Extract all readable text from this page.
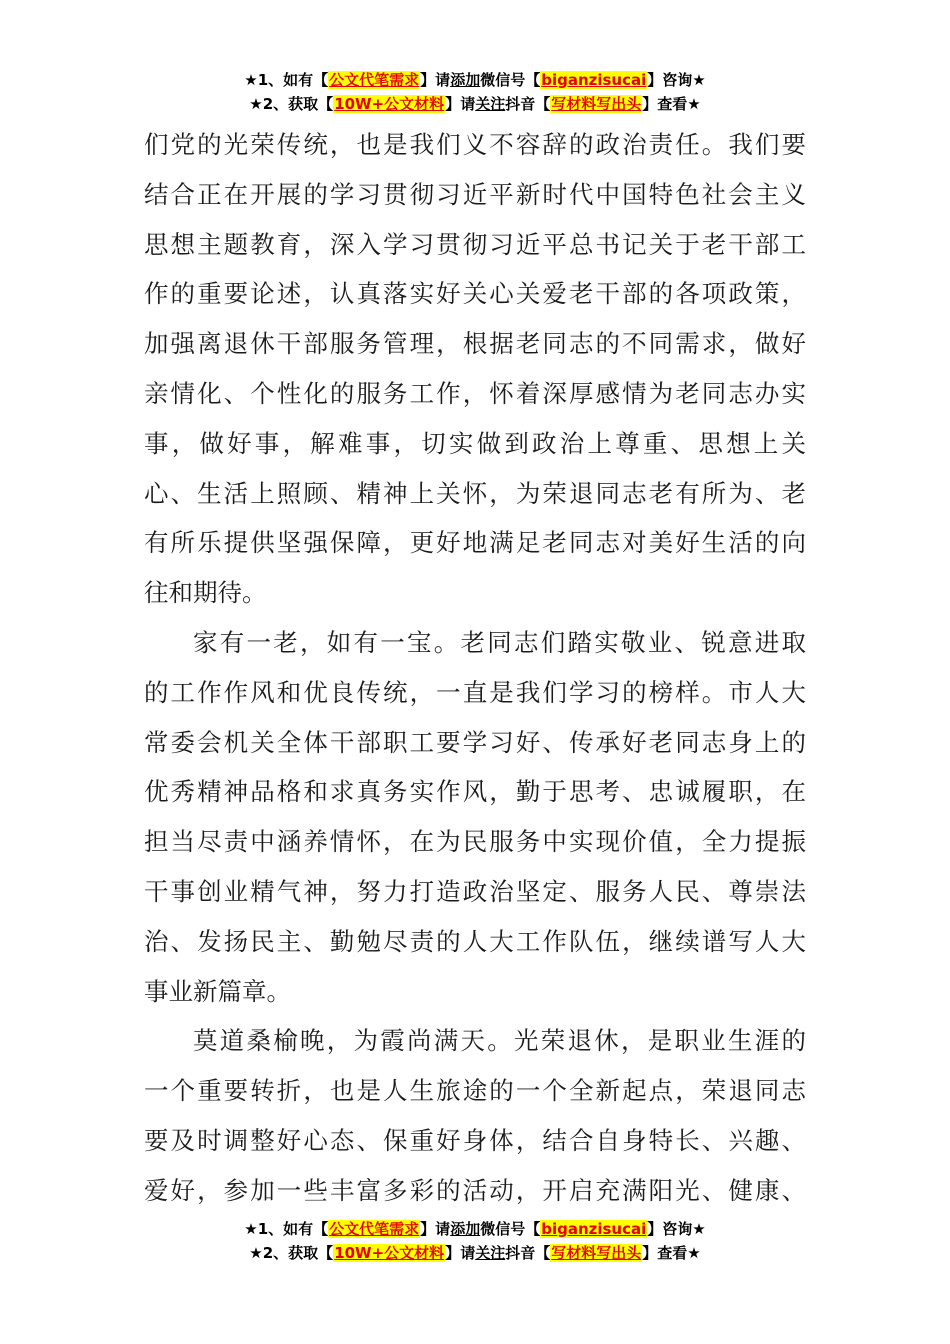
★1、如有【公文代笔需求】请添加微信号【biganzisucai】咨询★
★2、获取【10W+公文材料】请关注抖音【写材料写出头】查看★
们党的光荣传统，也是我们义不容辞的政治责任。我们要
结合正在开展的学习贯彻习近平新时代中国特色社会主义
思想主题教育，深入学习贯彻习近平总书记关于老干部工
作的重要论述，认真落实好关心关爱老干部的各项政策，
加强离退休干部服务管理，根据老同志的不同需求，做好
亲情化、个性化的服务工作，怀着深厚感情为老同志办实
事，做好事，解难事，切实做到政治上尊重、思想上关
心、生活上照顾、精神上关怀，为荣退同志老有所为、老
有所乐提供坚强保障，更好地满足老同志对美好生活的向
往和期待。
家有一老，如有一宝。老同志们踏实敬业、锐意进取
的工作作风和优良传统，一直是我们学习的榜样。市人大
常委会机关全体干部职工要学习好、传承好老同志身上的
优秀精神品格和求真务实作风，勤于思考、忠诚履职，在
担当尽责中涵养情怀，在为民服务中实现价值，全力提振
干事创业精气神，努力打造政治坚定、服务人民、尊崇法
治、发扬民主、勤勉尽责的人大工作队伍，继续谱写人大
事业新篇章。
莫道桑榆晚，为霞尚满天。光荣退休，是职业生涯的
一个重要转折，也是人生旅途的一个全新起点，荣退同志
要及时调整好心态、保重好身体，结合自身特长、兴趣、
爱好，参加一些丰富多彩的活动，开启充满阳光、健康、
★1、如有【公文代笔需求】请添加微信号【biganzisucai】咨询★
★2、获取【10W+公文材料】请关注抖音【写材料写出头】查看★
